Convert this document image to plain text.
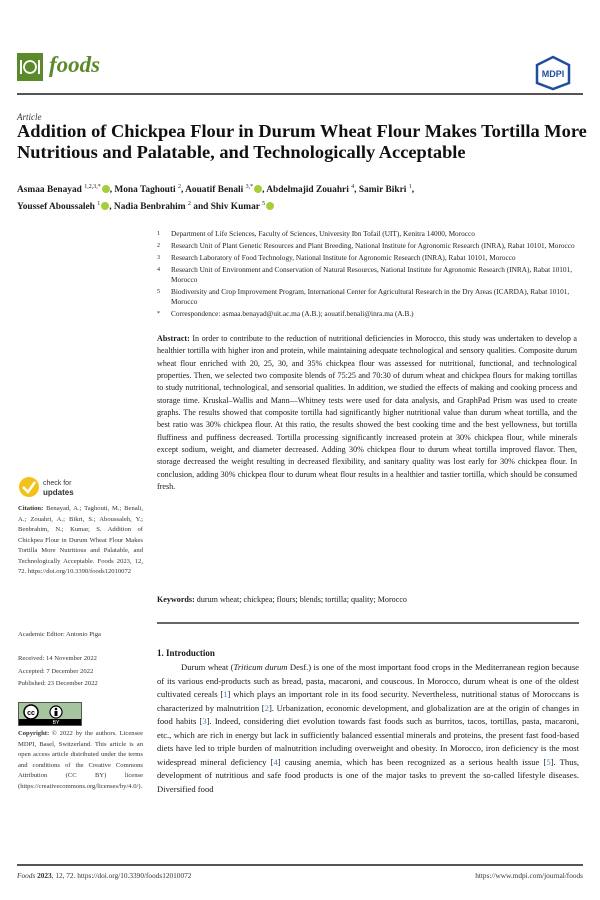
foods	MDPI
Article
Addition of Chickpea Flour in Durum Wheat Flour Makes Tortilla More Nutritious and Palatable, and Technologically Acceptable
Asmaa Benayad $^{1,2,3,*}$ , Mona Taghouti $^2$, Aouatif Benali $^{3,*}$ , Abdelmajid Zouahri $^4$, Samir Bikri $^1$,
Youssef Aboussaleh $^1$ , Nadia Benbrahim $^2$ and Shiv Kumar $^5$
1 Department of Life Sciences, Faculty of Sciences, University Ibn Tofail (UIT), Kenitra 14000, Morocco
2 Research Unit of Plant Genetic Resources and Plant Breeding, National Institute for Agronomic Research (INRA), Rabat 10101, Morocco
3 Research Laboratory of Food Technology, National Institute for Agronomic Research (INRA), Rabat 10101, Morocco
4 Research Unit of Environment and Conservation of Natural Resources, National Institute for Agronomic Research (INRA), Rabat 10101, Morocco
5 Biodiversity and Crop Improvement Program, International Center for Agricultural Research in the Dry Areas (ICARDA), Rabat 10101, Morocco
* Correspondence: asmaa.benayad@uit.ac.ma (A.B.); aouatif.benali@inra.ma (A.B.)
Abstract: In order to contribute to the reduction of nutritional deficiencies in Morocco, this study was undertaken to develop a healthier tortilla with higher iron and protein, while maintaining adequate technological and sensory qualities. Composite durum wheat flour enriched with 20, 25, 30, and 35% chickpea flour was assessed for nutritional, functional, and technological properties. Then, we selected two composite blends of 75:25 and 70:30 of durum wheat and chickpea flours for making tortillas to study nutritional, technological, and sensorial qualities. In addition, we studied the effects of making and cooking process and storage time. Kruskal–Wallis and Mann—Whitney tests were used for data analysis, and GraphPad Prism was used to create graphs. The results showed that composite tortilla had significantly higher nutritional value than durum wheat tortilla, and the best ratio was 30% chickpea flour. At this ratio, the results showed the best cooking time and the best yellowness, but tortilla fluffiness and puffiness decreased. Tortilla processing significantly increased protein at 30% chickpea flour, while minerals except sodium, weight, and diameter decreased. Adding 30% chickpea flour to durum wheat tortilla improved flavor. Then, storage decreased the weight resulting in decreased flexibility, and sanitary quality was lost early for 30% chickpea flour. In conclusion, adding 30% chickpea flour to durum wheat flour results in a healthier and tastier tortilla, which should be consumed fresh.
Keywords: durum wheat; chickpea; flours; blends; tortilla; quality; Morocco
1. Introduction
Durum wheat (Triticum durum Desf.) is one of the most important food crops in the Mediterranean region because of its various end-products such as bread, pasta, macaroni, and couscous. In Morocco, durum wheat is one of the oldest cultivated cereals [1] which plays an important role in its food security. Nevertheless, nutritional status of Moroccans is characterized by malnutrition [2]. Urbanization, economic development, and globalization are at the origin of changes in food habits [3]. Indeed, considering diet evolution towards fast foods such as burritos, tacos, tortillas, pasta, macaroni, etc., which are rich in energy but lack in sufficiently balanced essential minerals and proteins, the present fast food-based diets have led to triple burden of malnutrition including overweight and obesity. In Morocco, iron deficiency is the most widespread mineral deficiency [4] causing anemia, which has been recognized as a serious health issue [5]. Thus, development of nutritious and safe food products is one of the major tasks to prevent the so-called lifestyle diseases. Diversified food
check for
updates
Citation: Benayad, A.; Taghouti, M.; Benali, A.; Zouahri, A.; Bikri, S.; Aboussaleh, Y.; Benbrahim, N.; Kumar, S. Addition of Chickpea Flour in Durum Wheat Flour Makes Tortilla More Nutritious and Palatable, and Technologically Acceptable. Foods 2023, 12, 72. https://doi.org/10.3390/foods12010072
Academic Editor: Antonio Piga
Received: 14 November 2022
Accepted: 7 December 2022
Published: 23 December 2022
cc
BY
Copyright: © 2022 by the authors. Licensee MDPI, Basel, Switzerland. This article is an open access article distributed under the terms and conditions of the Creative Commons Attribution (CC BY) license (https://creativecommons.org/licenses/by/4.0/).
Foods 2023, 12, 72. https://doi.org/10.3390/foods12010072	https://www.mdpi.com/journal/foods
